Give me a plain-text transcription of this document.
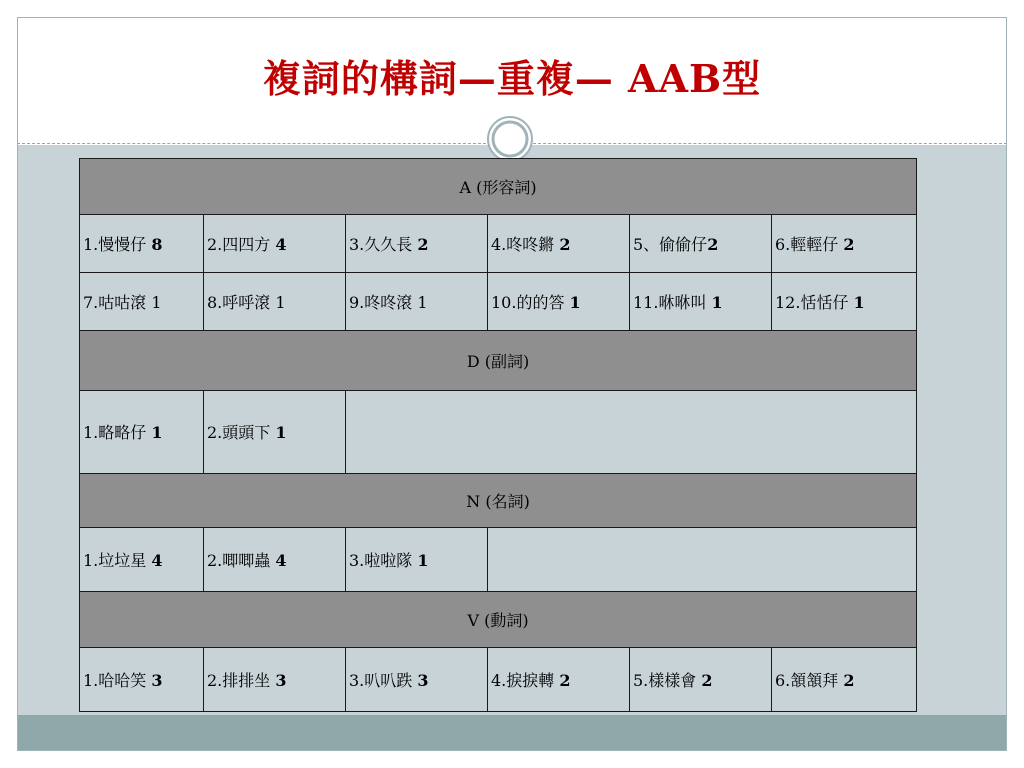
複詞的構詞—重複— AAB型
A (形容詞)					
1.慢慢仔 8	2.四四方 4	3.久久長 2	4.咚咚鏘 2	5、偷偷仔2	6.輕輕仔 2
7.咕咕滾 1	8.呼呼滾 1	9.咚咚滾 1	10.的的答 1	11.咻咻叫 1	12.恬恬仔 1
D (副詞)					
1.略略仔 1	2.頭頭下 1				
N (名詞)					
1.垃垃星 4	2.唧唧蟲 4	3.啦啦隊 1			
V (動詞)					
1.哈哈笑 3	2.排排坐 3	3.叭叭跌 3	4.捩捩轉 2	5.樣樣會 2	6.頷頷拜 2
